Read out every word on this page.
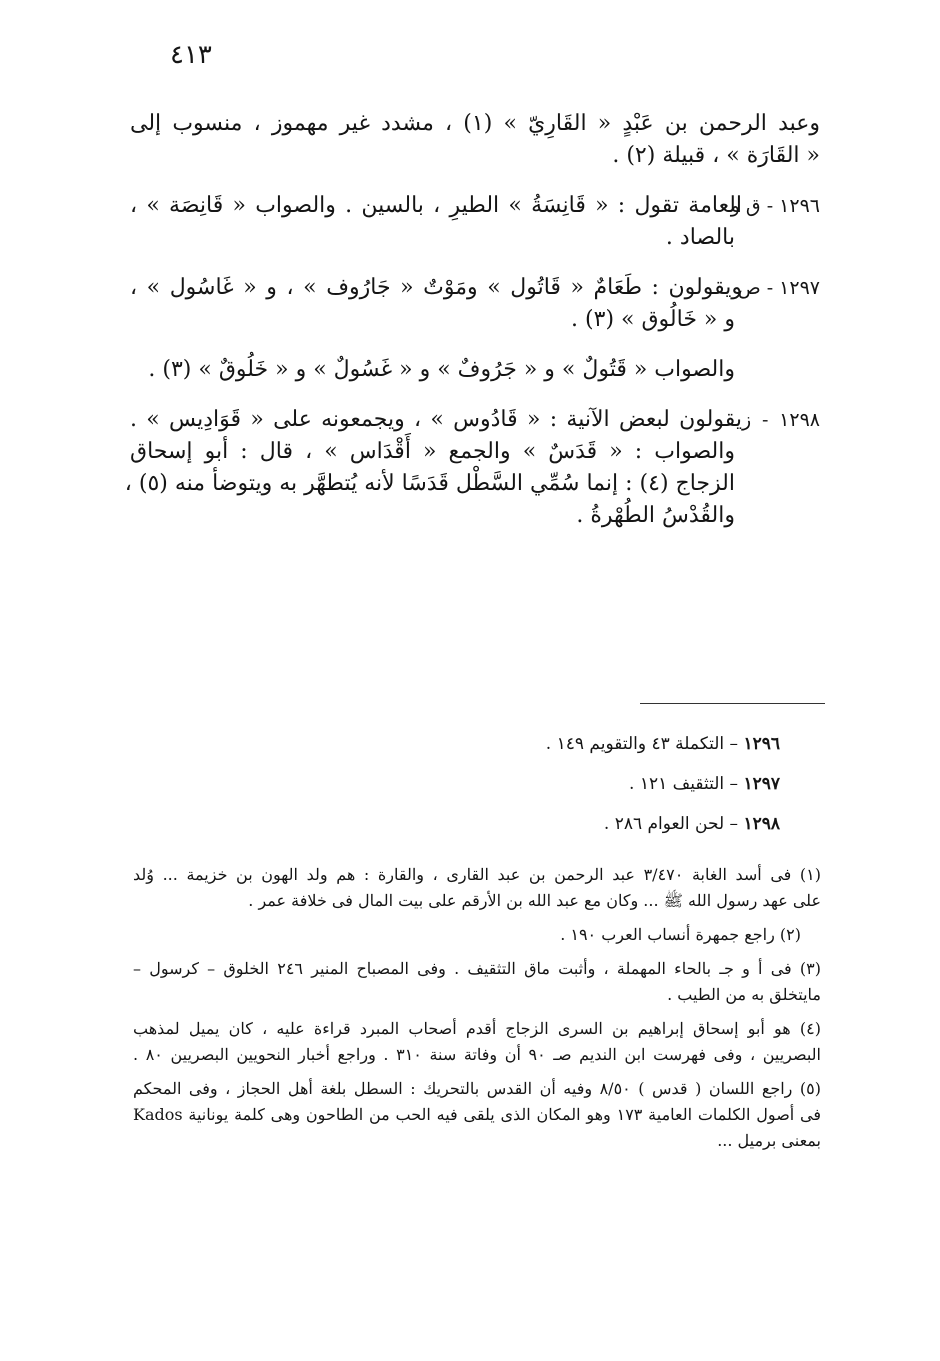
٤١٣
وعبد الرحمن بن عَبْدٍ « القَارِيّ » (١) ، مشدد غير مهموز ، منسوب إلى
« القَارَة » ، قبيلة (٢) .
١٢٩٦ - ق والعامة تقول : « قَانِسَةُ » الطيرِ ، بالسين . والصواب « قَانِصَة » ،
بالصاد .
١٢٩٧ - صويقولون : طَعَامٌ « قَاتُول » ومَوْتٌ « جَارُوف » ، و « غَاسُول » ،
و « خَالُوق » (٣) .
والصواب « قَتُولٌ » و « جَرُوفٌ » و « غَسُولٌ » و « خَلُوقٌ » (٣) .
١٢٩٨ - زيقولون لبعض الآنية : « قَادُوس » ، ويجمعونه على « قَوَادِيس » .
والصواب : « قَدَسٌ » والجمع « أَقْدَاس » ، قال : أبو إسحاق
الزجاج (٤) : إنما سُمِّي السَّطْل قَدَسًا لأنه يُتطهَّر به ويتوضأ منه (٥) ،
والقُدْسُ الطُهْرةُ .
١٢٩٦ – التكملة ٤٣ والتقويم ١٤٩ .
١٢٩٧ – التثقيف ١٢١ .
١٢٩٨ – لحن العوام ٢٨٦ .
(١) فى أسد الغابة ٣/٤٧٠ عبد الرحمن بن عبد القارى ، والقارة : هم ولد الهون بن خزيمة ... وُلد
على عهد رسول الله ﷺ ... وكان مع عبد الله بن الأرقم على بيت المال فى خلافة عمر .
(٢) راجع جمهرة أنساب العرب ١٩٠ .
(٣) فى أ و جـ بالحاء المهملة ، وأثبت ماق التثقيف . وفى المصباح المنير ٢٤٦ الخلوق – كرسول –
مايتخلق به من الطيب .
(٤) هو أبو إسحاق إبراهيم بن السرى الزجاج أقدم أصحاب المبرد قراءة عليه ، كان يميل لمذهب
البصريين ، وفى فهرست ابن النديم صـ ٩٠ أن وفاتة سنة ٣١٠ . وراجع أخبار النحويين البصريين ٨٠ .
(٥) راجع اللسان ( قدس ) ٨/٥٠ وفيه أن القدس بالتحريك : السطل بلغة أهل الحجاز ، وفى المحكم
فى أصول الكلمات العامية ١٧٣ وهو المكان الذى يلقى فيه الحب من الطاحون وهى كلمة يونانية Kados
بمعنى برميل ...
